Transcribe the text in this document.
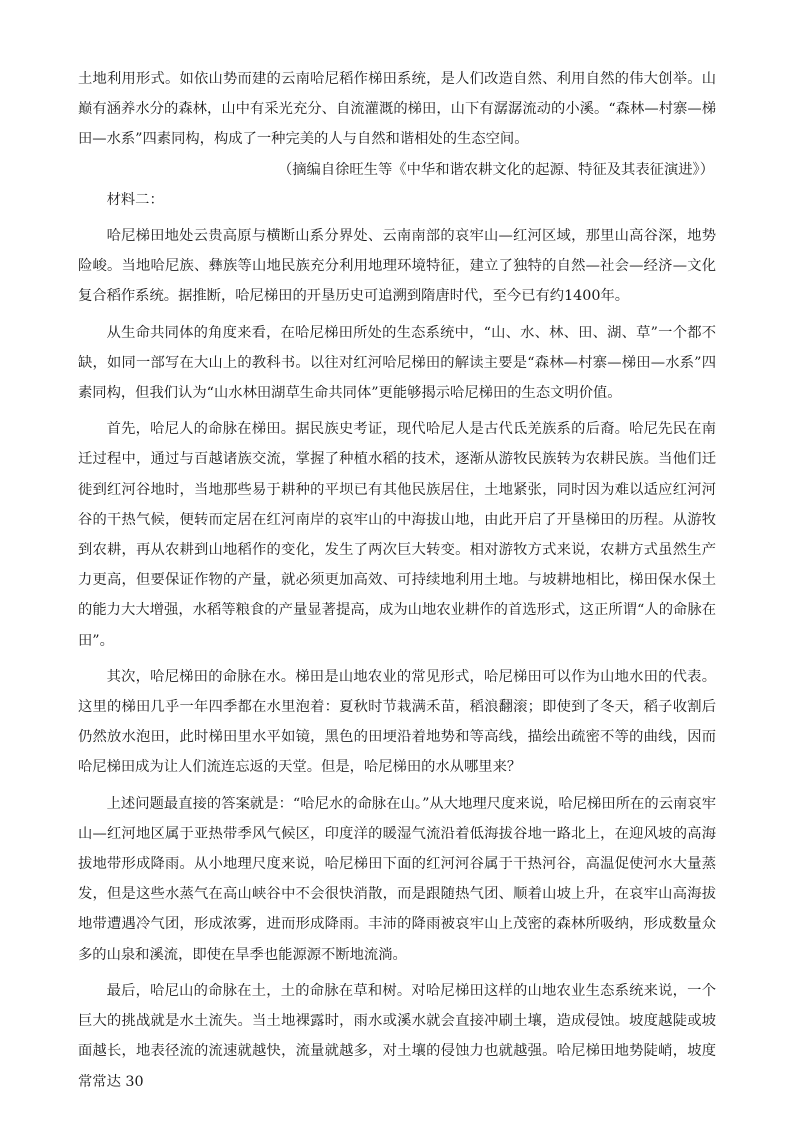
土地利用形式。如依山势而建的云南哈尼稻作梯田系统，是人们改造自然、利用自然的伟大创举。山巅有涵养水分的森林，山中有采光充分、自流灌溉的梯田，山下有潺潺流动的小溪。“森林—村寨—梯田—水系”四素同构，构成了一种完美的人与自然和谐相处的生态空间。

（摘编自徐旺生等《中华和谐农耕文化的起源、特征及其表征演进》）

材料二：

哈尼梯田地处云贵高原与横断山系分界处、云南南部的哀牢山—红河区域，那里山高谷深，地势险峻。当地哈尼族、彝族等山地民族充分利用地理环境特征，建立了独特的自然—社会—经济—文化复合稻作系统。据推断，哈尼梯田的开垦历史可追溯到隋唐时代，至今已有约1400年。

从生命共同体的角度来看，在哈尼梯田所处的生态系统中，“山、水、林、田、湖、草”一个都不缺，如同一部写在大山上的教科书。以往对红河哈尼梯田的解读主要是“森林—村寨—梯田—水系”四素同构，但我们认为“山水林田湖草生命共同体”更能够揭示哈尼梯田的生态文明价值。

首先，哈尼人的命脉在梯田。据民族史考证，现代哈尼人是古代氐羌族系的后裔。哈尼先民在南迁过程中，通过与百越诸族交流，掌握了种植水稻的技术，逐渐从游牧民族转为农耕民族。当他们迁徙到红河谷地时，当地那些易于耕种的平坝已有其他民族居住，土地紧张，同时因为难以适应红河河谷的干热气候，便转而定居在红河南岸的哀牢山的中海拔山地，由此开启了开垦梯田的历程。从游牧到农耕，再从农耕到山地稻作的变化，发生了两次巨大转变。相对游牧方式来说，农耕方式虽然生产力更高，但要保证作物的产量，就必须更加高效、可持续地利用土地。与坡耕地相比，梯田保水保土的能力大大增强，水稻等粮食的产量显著提高，成为山地农业耕作的首选形式，这正所谓“人的命脉在田”。

其次，哈尼梯田的命脉在水。梯田是山地农业的常见形式，哈尼梯田可以作为山地水田的代表。这里的梯田几乎一年四季都在水里泡着：夏秋时节栽满禾苗，稻浪翻滚；即使到了冬天，稻子收割后仍然放水泡田，此时梯田里水平如镜，黑色的田埂沿着地势和等高线，描绘出疏密不等的曲线，因而哈尼梯田成为让人们流连忘返的天堂。但是，哈尼梯田的水从哪里来？

上述问题最直接的答案就是：“哈尼水的命脉在山。”从大地理尺度来说，哈尼梯田所在的云南哀牢山—红河地区属于亚热带季风气候区，印度洋的暖湿气流沿着低海拔谷地一路北上，在迎风坡的高海拔地带形成降雨。从小地理尺度来说，哈尼梯田下面的红河河谷属于干热河谷，高温促使河水大量蒸发，但是这些水蒸气在高山峡谷中不会很快消散，而是跟随热气团、顺着山坡上升，在哀牢山高海拔地带遭遇冷气团，形成浓雾，进而形成降雨。丰沛的降雨被哀牢山上茂密的森林所吸纳，形成数量众多的山泉和溪流，即使在旱季也能源源不断地流淌。

最后，哈尼山的命脉在土，土的命脉在草和树。对哈尼梯田这样的山地农业生态系统来说，一个巨大的挑战就是水土流失。当土地裸露时，雨水或溪水就会直接冲刷土壤，造成侵蚀。坡度越陡或坡面越长，地表径流的流速就越快，流量就越多，对土壤的侵蚀力也就越强。哈尼梯田地势陡峭，坡度常常达 30
